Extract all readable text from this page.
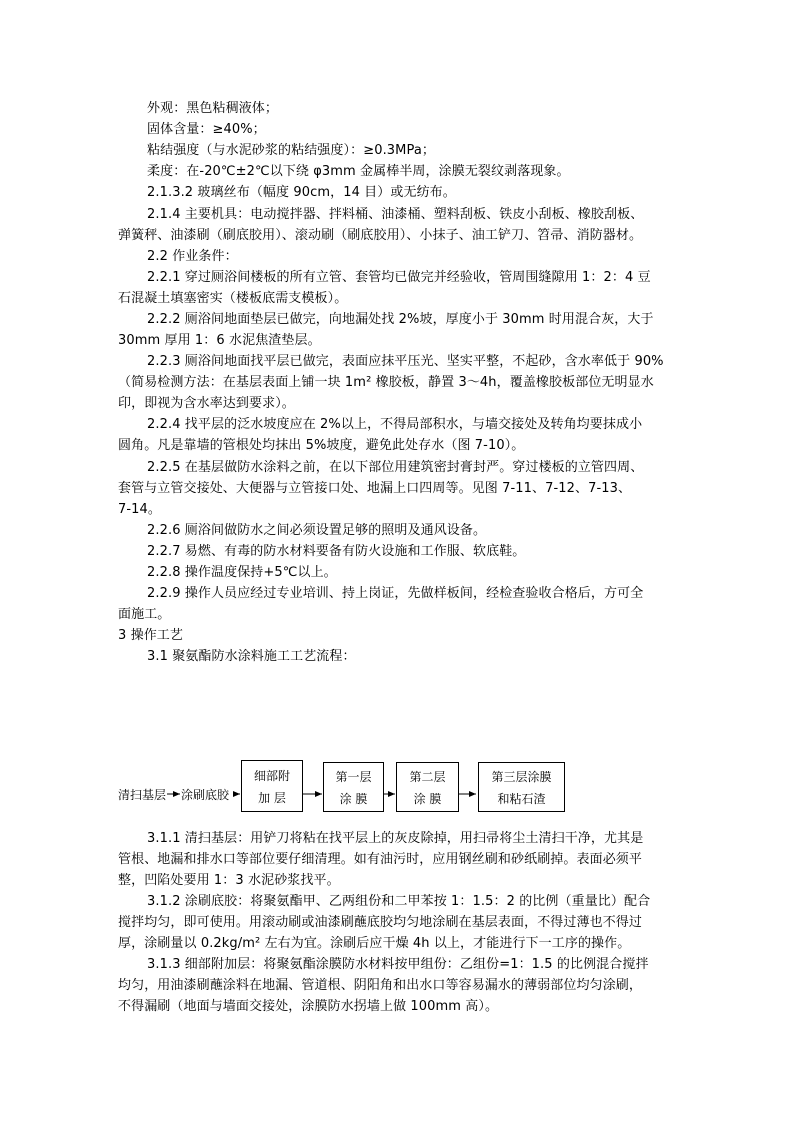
外观：黑色粘稠液体；
固体含量：≥40%；
粘结强度（与水泥砂浆的粘结强度）：≥0.3MPa；
柔度：在-20℃±2℃以下绕 φ3mm 金属棒半周，涂膜无裂纹剥落现象。
2.1.3.2 玻璃丝布（幅度 90cm，14 目）或无纺布。
2.1.4 主要机具：电动搅拌器、拌料桶、油漆桶、塑料刮板、铁皮小刮板、橡胶刮板、
弹簧秤、油漆刷（刷底胶用）、滚动刷（刷底胶用）、小抹子、油工铲刀、笤帚、消防器材。
2.2 作业条件：
2.2.1 穿过厕浴间楼板的所有立管、套管均已做完并经验收，管周围缝隙用 1：2：4 豆
石混凝土填塞密实（楼板底需支模板）。
2.2.2 厕浴间地面垫层已做完，向地漏处找 2%坡，厚度小于 30mm 时用混合灰，大于
30mm 厚用 1：6 水泥焦渣垫层。
2.2.3 厕浴间地面找平层已做完，表面应抹平压光、坚实平整，不起砂，含水率低于 90%
（简易检测方法：在基层表面上铺一块 1m² 橡胶板，静置 3～4h，覆盖橡胶板部位无明显水
印，即视为含水率达到要求）。
2.2.4 找平层的泛水坡度应在 2%以上，不得局部积水，与墙交接处及转角均要抹成小
圆角。凡是靠墙的管根处均抹出 5%坡度，避免此处存水（图 7-10）。
2.2.5 在基层做防水涂料之前，在以下部位用建筑密封膏封严。穿过楼板的立管四周、
套管与立管交接处、大便器与立管接口处、地漏上口四周等。见图 7-11、7-12、7-13、
7-14。
2.2.6 厕浴间做防水之间必须设置足够的照明及通风设备。
2.2.7 易燃、有毒的防水材料要备有防火设施和工作服、软底鞋。
2.2.8 操作温度保持+5℃以上。
2.2.9 操作人员应经过专业培训、持上岗证，先做样板间，经检查验收合格后，方可全
面施工。
3 操作工艺
3.1 聚氨酯防水涂料施工工艺流程：
3.1.1 清扫基层：用铲刀将粘在找平层上的灰皮除掉，用扫帚将尘土清扫干净，尤其是
管根、地漏和排水口等部位要仔细清理。如有油污时，应用钢丝刷和砂纸刷掉。表面必须平
整，凹陷处要用 1：3 水泥砂浆找平。
3.1.2 涂刷底胶：将聚氨酯甲、乙两组份和二甲苯按 1：1.5：2 的比例（重量比）配合
搅拌均匀，即可使用。用滚动刷或油漆刷蘸底胶均匀地涂刷在基层表面，不得过薄也不得过
厚，涂刷量以 0.2kg/m² 左右为宜。涂刷后应干燥 4h 以上，才能进行下一工序的操作。
3.1.3 细部附加层：将聚氨酯涂膜防水材料按甲组份：乙组份=1：1.5 的比例混合搅拌
均匀，用油漆刷蘸涂料在地漏、管道根、阴阳角和出水口等容易漏水的薄弱部位均匀涂刷，
不得漏刷（地面与墙面交接处，涂膜防水拐墙上做 100mm 高）。
清扫基层 涂刷底胶
细部附
加 层
第一层
涂 膜
第二层
涂 膜
第三层涂膜
和粘石渣
